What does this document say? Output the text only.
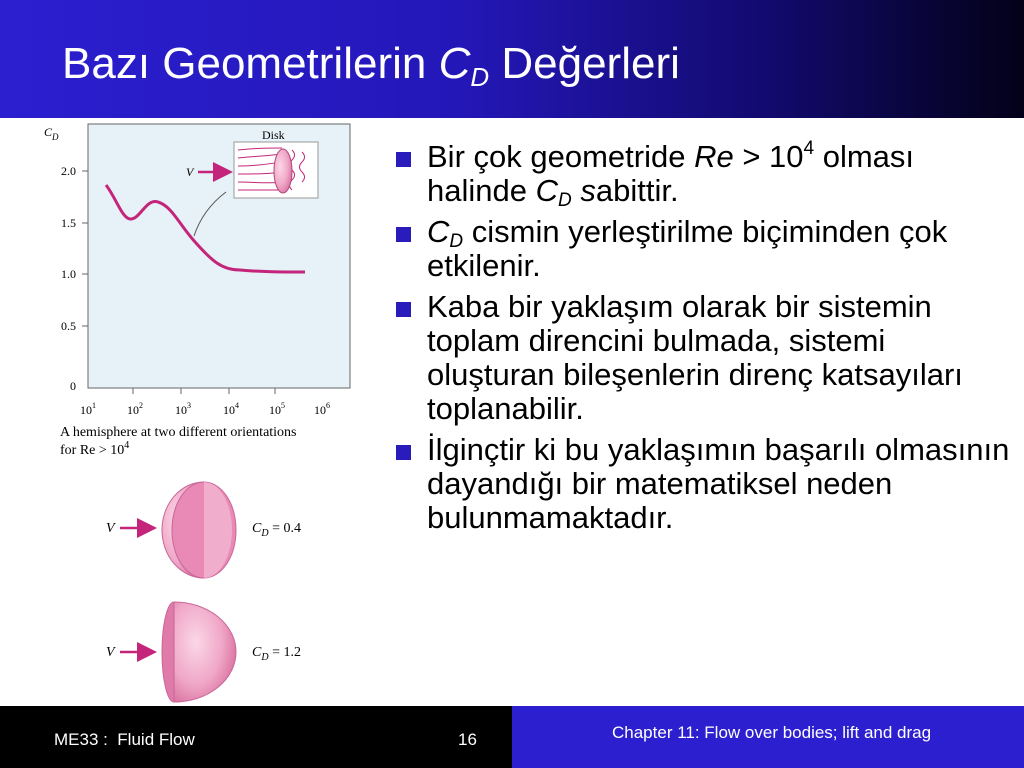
Bazı Geometrilerin $C_D$ Değerleri
$C_D$
2.0
1.5
1.0
0.5
0
$10^1$	$10^2$	$10^3$	$10^4$	$10^5$ $10^6$
Disk
V
A hemisphere at two different orientations
for $Re > 10^4$
V	$C_D = 0.4$
V	$C_D = 1.2$
Bir çok geometride $Re > 10^4$ olması halinde $C_D$ sabittir.
$C_D$ cismin yerleştirilme biçiminden çok etkilenir.
Kaba bir yaklaşım olarak bir sistemin toplam direncini bulmada, sistemi oluşturan bileşenlerin direnç katsayıları toplanabilir.
İlginçtir ki bu yaklaşımın başarılı olmasının dayandığı bir matematiksel neden bulunmamaktadır.
ME33 :  Fluid Flow	16	Chapter 11: Flow over bodies; lift and drag
